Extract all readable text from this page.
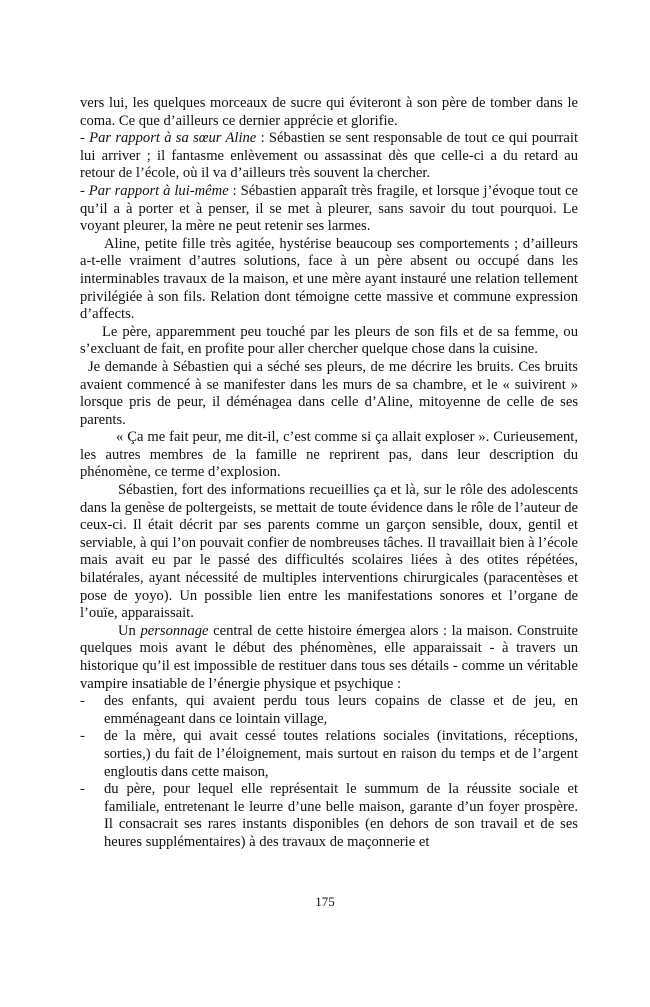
vers lui, les quelques morceaux de sucre qui éviteront à son père de tomber dans le coma. Ce que d’ailleurs ce dernier apprécie et glorifie.

- Par rapport à sa sœur Aline : Sébastien se sent responsable de tout ce qui pourrait lui arriver ; il fantasme enlèvement ou assassinat dès que celle-ci a du retard au retour de l’école, où il va d’ailleurs très souvent la chercher.

- Par rapport à lui-même : Sébastien apparaît très fragile, et lorsque j’évoque tout ce qu’il a à porter et à penser, il se met à pleurer, sans savoir du tout pourquoi. Le voyant pleurer, la mère ne peut retenir ses larmes.

Aline, petite fille très agitée, hystérise beaucoup ses comportements ; d’ailleurs a-t-elle vraiment d’autres solutions, face à un père absent ou occupé dans les interminables travaux de la maison, et une mère ayant instauré une relation tellement privilégiée à son fils. Relation dont témoigne cette massive et commune expression d’affects.

Le père, apparemment peu touché par les pleurs de son fils et de sa femme, ou s’excluant de fait, en profite pour aller chercher quelque chose dans la cuisine.

Je demande à Sébastien qui a séché ses pleurs, de me décrire les bruits. Ces bruits avaient commencé à se manifester dans les murs de sa chambre, et le « suivirent » lorsque pris de peur, il déménagea dans celle d’Aline, mitoyenne de celle de ses parents.

« Ça me fait peur, me dit-il, c’est comme si ça allait exploser ». Curieusement, les autres membres de la famille ne reprirent pas, dans leur description du phénomène, ce terme d’explosion.

Sébastien, fort des informations recueillies ça et là, sur le rôle des adolescents dans la genèse de poltergeists, se mettait de toute évidence dans le rôle de l’auteur de ceux-ci. Il était décrit par ses parents comme un garçon sensible, doux, gentil et serviable, à qui l’on pouvait confier de nombreuses tâches. Il travaillait bien à l’école mais avait eu par le passé des difficultés scolaires liées à des otites répétées, bilatérales, ayant nécessité de multiples interventions chirurgicales (paracentèses et pose de yoyo). Un possible lien entre les manifestations sonores et l’organe de l’ouïe, apparaissait.

Un personnage central de cette histoire émergea alors : la maison. Construite quelques mois avant le début des phénomènes, elle apparaissait - à travers un historique qu’il est impossible de restituer dans tous ses détails - comme un véritable vampire insatiable de l’énergie physique et psychique :

- des enfants, qui avaient perdu tous leurs copains de classe et de jeu, en emménageant dans ce lointain village,
- de la mère, qui avait cessé toutes relations sociales (invitations, réceptions, sorties,) du fait de l’éloignement, mais surtout en raison du temps et de l’argent engloutis dans cette maison,
- du père, pour lequel elle représentait le summum de la réussite sociale et familiale, entretenant le leurre d’une belle maison, garante d’un foyer prospère. Il consacrait ses rares instants disponibles (en dehors de son travail et de ses heures supplémentaires) à des travaux de maçonnerie et
175
